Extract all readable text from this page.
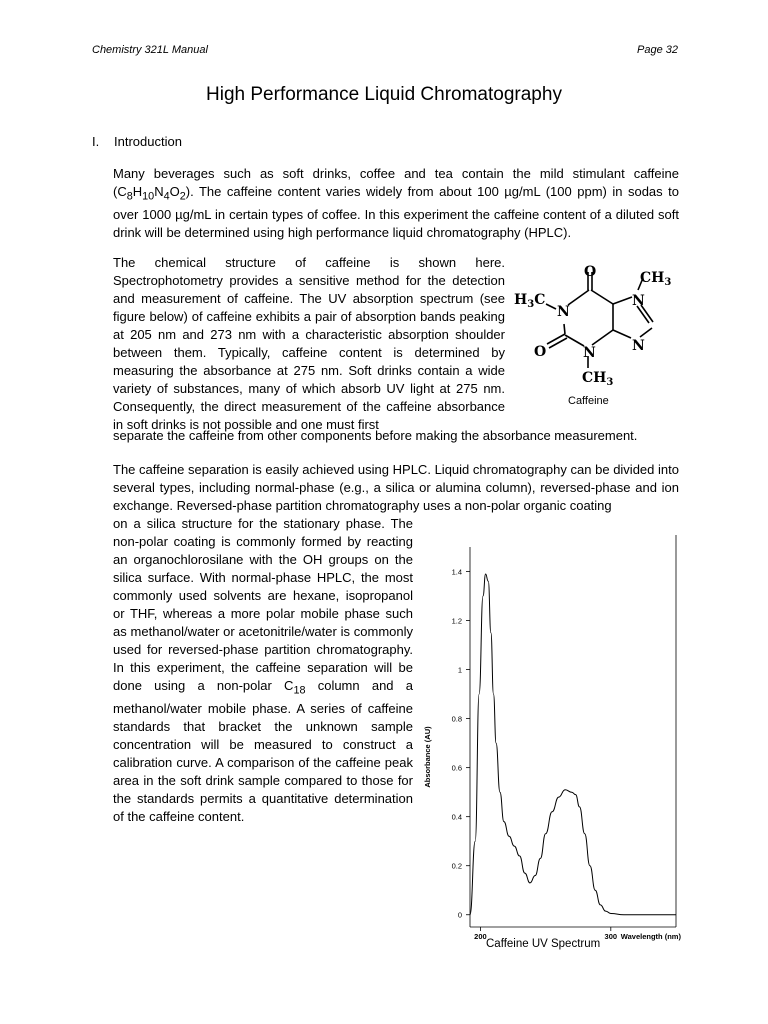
Chemistry 321L Manual	Page 32
High Performance Liquid Chromatography
I. Introduction

Many beverages such as soft drinks, coffee and tea contain the mild stimulant caffeine $(C_8H_{10}N_4O_2)$. The caffeine content varies widely from about 100 µg/mL (100 ppm) in sodas to over 1000 µg/mL in certain types of coffee. In this experiment the caffeine content of a diluted soft drink will be determined using high performance liquid chromatography (HPLC).

The chemical structure of caffeine is shown here. Spectrophotometry provides a sensitive method for the detection and measurement of caffeine. The UV absorption spectrum (see figure below) of caffeine exhibits a pair of absorption bands peaking at 205 nm and 273 nm with a characteristic absorption shoulder between them. Typically, caffeine content is determined by measuring the absorbance at 275 nm. Soft drinks contain a wide variety of substances, many of which absorb UV light at 275 nm. Consequently, the direct measurement of the caffeine absorbance in soft drinks is not possible and one must first

separate the caffeine from other components before making the absorbance measurement.

The caffeine separation is easily achieved using HPLC. Liquid chromatography can be divided into several types, including normal-phase (e.g., a silica or alumina column), reversed-phase and ion exchange. Reversed-phase partition chromatography uses a non-polar organic coating

on a silica structure for the stationary phase. The non-polar coating is commonly formed by reacting an organochlorosilane with the OH groups on the silica surface. With normal-phase HPLC, the most commonly used solvents are hexane, isopropanol or THF, whereas a more polar mobile phase such as methanol/water or acetonitrile/water is commonly used for reversed-phase partition chromatography. In this experiment, the caffeine separation will be done using a non-polar $C_{18}$ column and a methanol/water mobile phase. A series of caffeine standards that bracket the unknown sample concentration will be measured to construct a calibration curve. A comparison of the caffeine peak area in the soft drink sample compared to those for the standards permits a quantitative determination of the caffeine content.

O
O
N
N
N
N
$CH_3$
$H_3C$
$CH_3$
Caffeine
0
0.2
0.4
0.6
0.8
1
1.2
1.4
200	300 Wavelength (nm)
Absorbance (AU)
Caffeine UV Spectrum
